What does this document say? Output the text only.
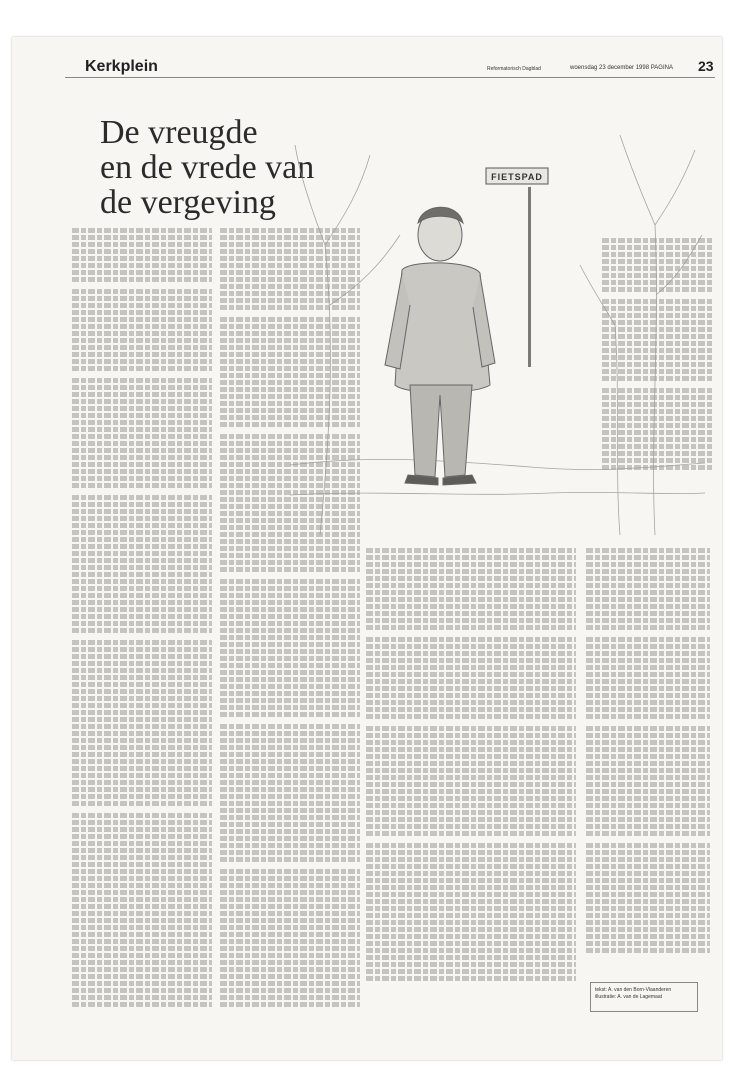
Kerkplein	Reformatorisch Dagblad	woensdag 23 december 1998 PAGINA 23
De vreugde
en de vrede van
de vergeving
FIETSPAD
tekst: A. van den Born-Vlaanderen
illustratie: A. van de Lagemaat
